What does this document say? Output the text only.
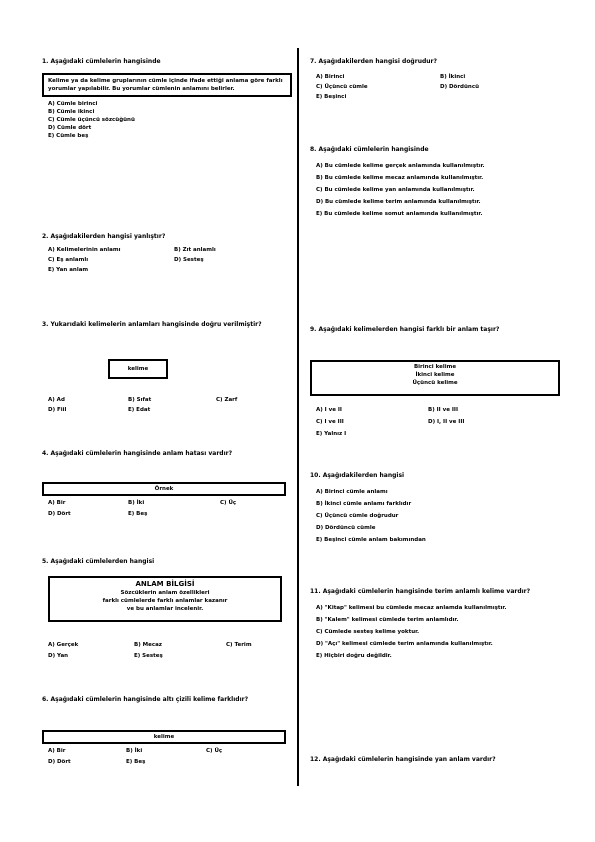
1. Aşağıdaki cümlelerin hangisinde
Kelime ya da kelime gruplarının cümle içinde ifade ettiği anlama göre farklı yorumlar yapılabilir. Bu yorumlar cümlenin anlamını belirler.
A) Cümle birinci
B) Cümle ikinci
C) Cümle üçüncü sözcüğünü
D) Cümle dört
E) Cümle beş
2. Aşağıdakilerden hangisi yanlıştır?
A) Kelimelerinin anlamı	B) Zıt anlamlı
C) Eş anlamlı	D) Sesteş
E) Yan anlam
3. Yukarıdaki kelimelerin anlamları hangisinde doğru verilmiştir?
kelime
A) Ad	B) Sıfat	C) Zarf
D) Fiil	E) Edat
4. Aşağıdaki cümlelerin hangisinde anlam hatası vardır?
Örnek
A) Bir	B) İki	C) Üç
D) Dört	E) Beş
5. Aşağıdaki cümlelerden hangisi
ANLAM BİLGİSİ
Sözcüklerin anlam özellikleri
farklı cümlelerde farklı anlamlar kazanır
ve bu anlamlar incelenir.
A) Gerçek	B) Mecaz	C) Terim
D) Yan	E) Sesteş
6. Aşağıdaki cümlelerin hangisinde altı çizili kelime farklıdır?
kelime
A) Bir	B) İki	C) Üç
D) Dört	E) Beş
7. Aşağıdakilerden hangisi doğrudur?
A) Birinci	B) İkinci
C) Üçüncü cümle	D) Dördüncü
E) Beşinci
8. Aşağıdaki cümlelerin hangisinde
A) Bu cümlede kelime gerçek anlamında kullanılmıştır.
B) Bu cümlede kelime mecaz anlamında kullanılmıştır.
C) Bu cümlede kelime yan anlamında kullanılmıştır.
D) Bu cümlede kelime terim anlamında kullanılmıştır.
E) Bu cümlede kelime somut anlamında kullanılmıştır.
9. Aşağıdaki kelimelerden hangisi farklı bir anlam taşır?
Birinci kelime
İkinci kelime
Üçüncü kelime
A) I ve II	B) II ve III
C) I ve III	D) I, II ve III
E) Yalnız I
10. Aşağıdakilerden hangisi
A) Birinci cümle anlamı
B) İkinci cümle anlamı farklıdır
C) Üçüncü cümle doğrudur
D) Dördüncü cümle
E) Beşinci cümle anlam bakımından
11. Aşağıdaki cümlelerin hangisinde terim anlamlı kelime vardır?
A) "Kitap" kelimesi bu cümlede mecaz anlamda kullanılmıştır.
B) "Kalem" kelimesi cümlede terim anlamlıdır.
C) Cümlede sesteş kelime yoktur.
D) "Açı" kelimesi cümlede terim anlamında kullanılmıştır.
E) Hiçbiri doğru değildir.
12. Aşağıdaki cümlelerin hangisinde yan anlam vardır?
